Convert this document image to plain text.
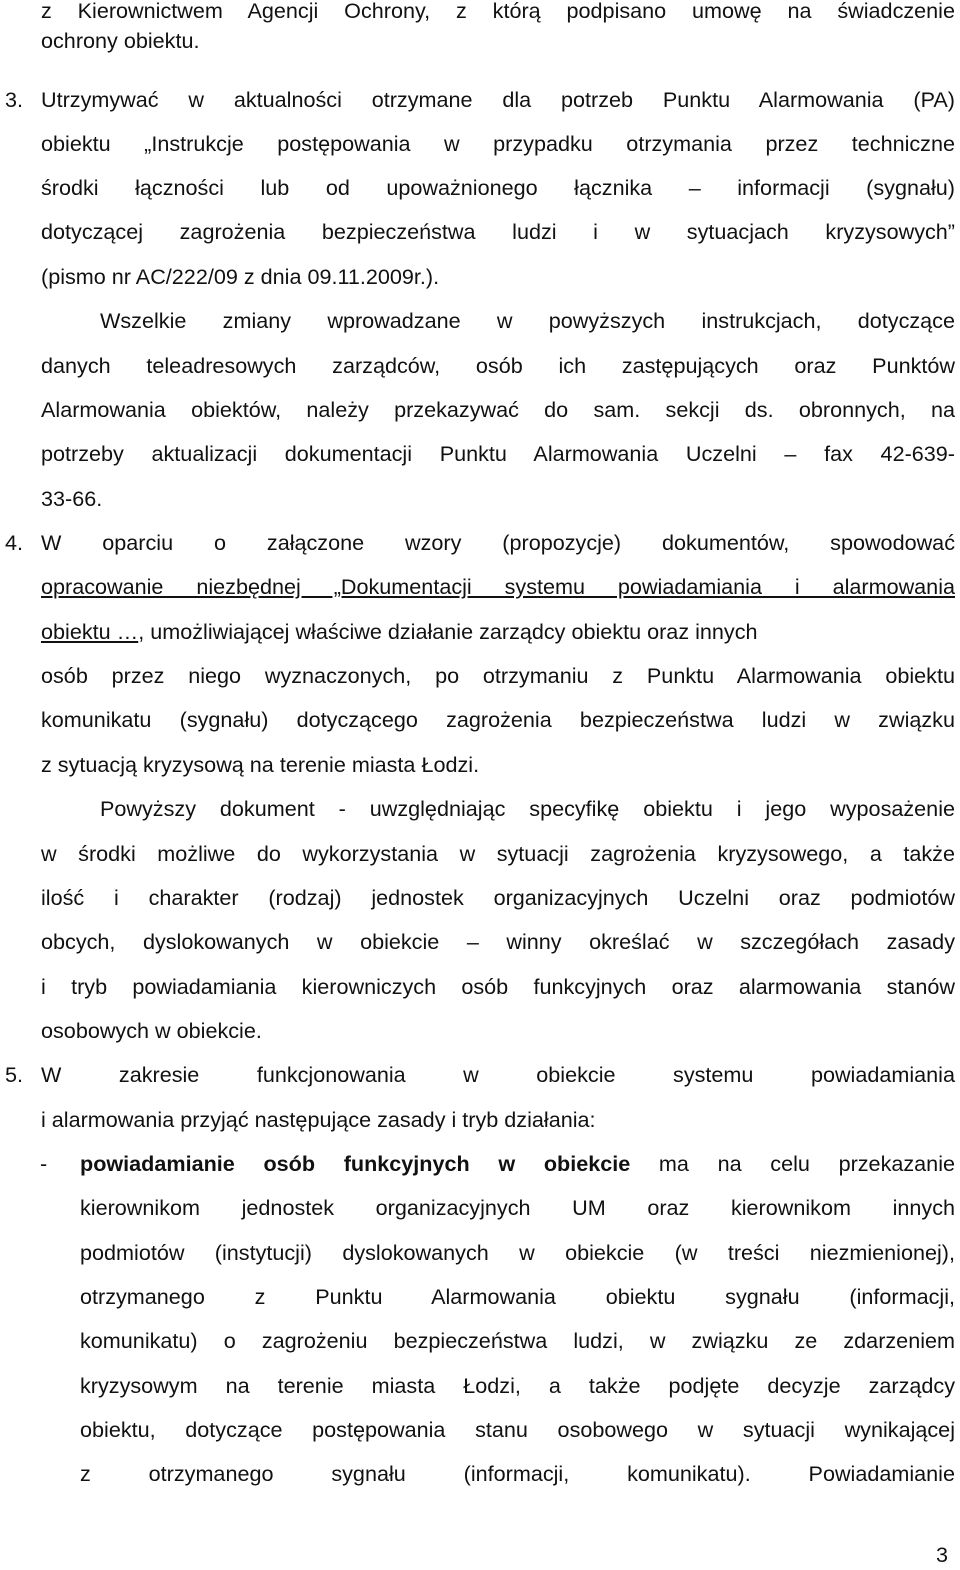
z Kierownictwem Agencji Ochrony, z którą podpisano umowę na świadczenie
ochrony obiektu.
3. Utrzymywać w aktualności otrzymane dla potrzeb Punktu Alarmowania (PA)
obiektu „Instrukcje postępowania w przypadku otrzymania przez techniczne
środki łączności lub od upoważnionego łącznika – informacji (sygnału)
dotyczącej zagrożenia bezpieczeństwa ludzi i w sytuacjach kryzysowych”
(pismo nr AC/222/09 z dnia 09.11.2009r.).
Wszelkie zmiany wprowadzane w powyższych instrukcjach, dotyczące
danych teleadresowych zarządców, osób ich zastępujących oraz Punktów
Alarmowania obiektów, należy przekazywać do sam. sekcji ds. obronnych, na
potrzeby aktualizacji dokumentacji Punktu Alarmowania Uczelni – fax 42-639-
33-66.
4. W oparciu o załączone wzory (propozycje) dokumentów, spowodować
opracowanie niezbędnej „Dokumentacji systemu powiadamiania i alarmowania
obiektu …, umożliwiającej właściwe działanie zarządcy obiektu oraz innych
osób przez niego wyznaczonych, po otrzymaniu z Punktu Alarmowania obiektu
komunikatu (sygnału) dotyczącego zagrożenia bezpieczeństwa ludzi w związku
z sytuacją kryzysową na terenie miasta Łodzi.
Powyższy dokument - uwzględniając specyfikę obiektu i jego wyposażenie
w środki możliwe do wykorzystania w sytuacji zagrożenia kryzysowego, a także
ilość i charakter (rodzaj) jednostek organizacyjnych Uczelni oraz podmiotów
obcych, dyslokowanych w obiekcie – winny określać w szczegółach zasady
i tryb powiadamiania kierowniczych osób funkcyjnych oraz alarmowania stanów
osobowych w obiekcie.
5. W zakresie funkcjonowania w obiekcie systemu powiadamiania
i alarmowania przyjąć następujące zasady i tryb działania:
- powiadamianie osób funkcyjnych w obiekcie ma na celu przekazanie
kierownikom jednostek organizacyjnych UM oraz kierownikom innych
podmiotów (instytucji) dyslokowanych w obiekcie (w treści niezmienionej),
otrzymanego z Punktu Alarmowania obiektu sygnału (informacji,
komunikatu) o zagrożeniu bezpieczeństwa ludzi, w związku ze zdarzeniem
kryzysowym na terenie miasta Łodzi, a także podjęte decyzje zarządcy
obiektu, dotyczące postępowania stanu osobowego w sytuacji wynikającej
z otrzymanego sygnału (informacji, komunikatu). Powiadamianie
3
